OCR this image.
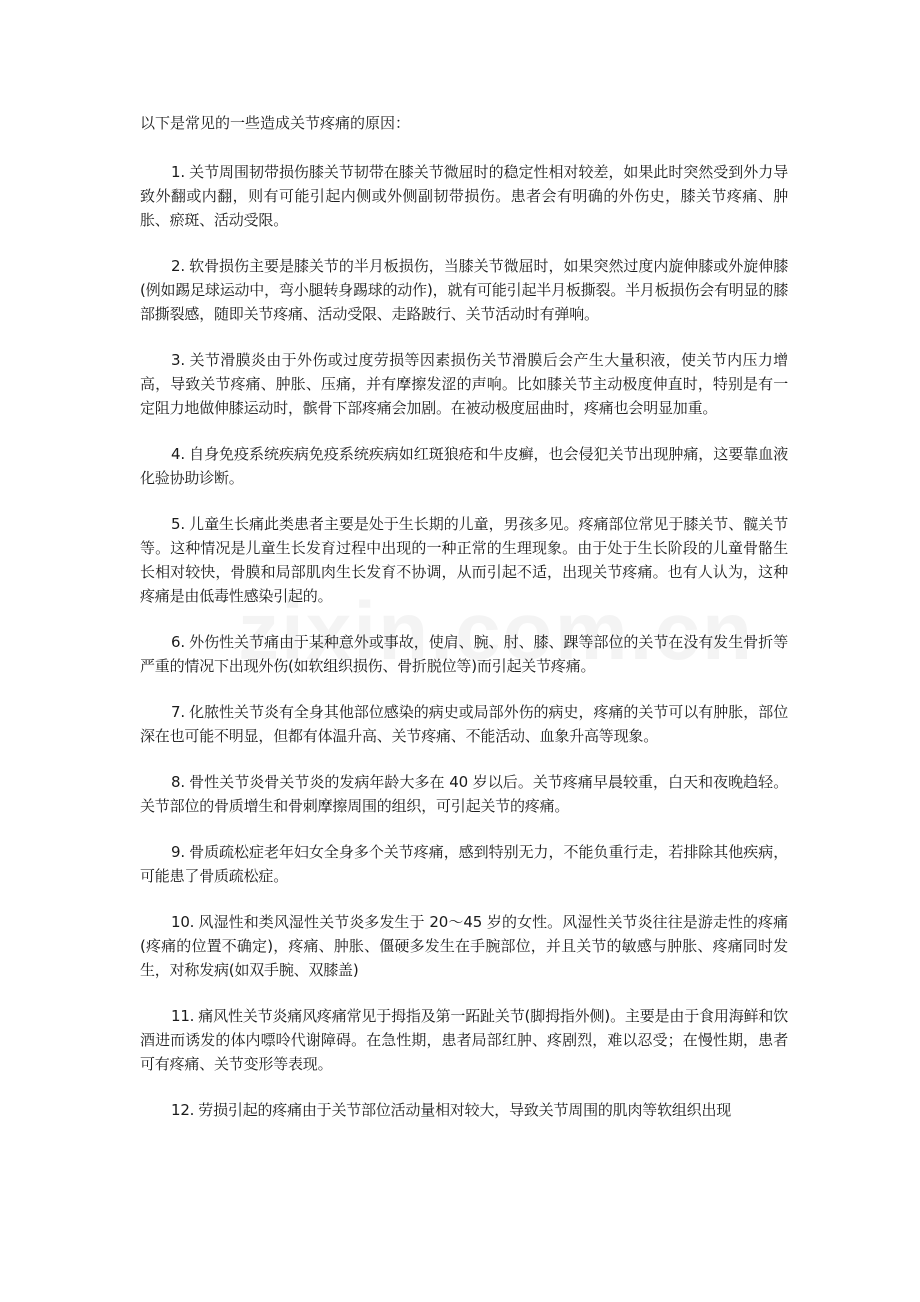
以下是常见的一些造成关节疼痛的原因：

1. 关节周围韧带损伤膝关节韧带在膝关节微屈时的稳定性相对较差，如果此时突然受到外力导致外翻或内翻，则有可能引起内侧或外侧副韧带损伤。患者会有明确的外伤史，膝关节疼痛、肿胀、瘀斑、活动受限。

2. 软骨损伤主要是膝关节的半月板损伤，当膝关节微屈时，如果突然过度内旋伸膝或外旋伸膝(例如踢足球运动中，弯小腿转身踢球的动作)，就有可能引起半月板撕裂。半月板损伤会有明显的膝部撕裂感，随即关节疼痛、活动受限、走路跛行、关节活动时有弹响。

3. 关节滑膜炎由于外伤或过度劳损等因素损伤关节滑膜后会产生大量积液，使关节内压力增高，导致关节疼痛、肿胀、压痛，并有摩擦发涩的声响。比如膝关节主动极度伸直时，特别是有一定阻力地做伸膝运动时，髌骨下部疼痛会加剧。在被动极度屈曲时，疼痛也会明显加重。

4. 自身免疫系统疾病免疫系统疾病如红斑狼疮和牛皮癣，也会侵犯关节出现肿痛，这要靠血液化验协助诊断。

5. 儿童生长痛此类患者主要是处于生长期的儿童，男孩多见。疼痛部位常见于膝关节、髋关节等。这种情况是儿童生长发育过程中出现的一种正常的生理现象。由于处于生长阶段的儿童骨骼生长相对较快，骨膜和局部肌肉生长发育不协调，从而引起不适，出现关节疼痛。也有人认为，这种疼痛是由低毒性感染引起的。

6. 外伤性关节痛由于某种意外或事故，使肩、腕、肘、膝、踝等部位的关节在没有发生骨折等严重的情况下出现外伤(如软组织损伤、骨折脱位等)而引起关节疼痛。

7. 化脓性关节炎有全身其他部位感染的病史或局部外伤的病史，疼痛的关节可以有肿胀，部位深在也可能不明显，但都有体温升高、关节疼痛、不能活动、血象升高等现象。

8. 骨性关节炎骨关节炎的发病年龄大多在 40 岁以后。关节疼痛早晨较重，白天和夜晚趋轻。关节部位的骨质增生和骨刺摩擦周围的组织，可引起关节的疼痛。

9. 骨质疏松症老年妇女全身多个关节疼痛，感到特别无力，不能负重行走，若排除其他疾病，可能患了骨质疏松症。

10. 风湿性和类风湿性关节炎多发生于 20～45 岁的女性。风湿性关节炎往往是游走性的疼痛(疼痛的位置不确定)，疼痛、肿胀、僵硬多发生在手腕部位，并且关节的敏感与肿胀、疼痛同时发生，对称发病(如双手腕、双膝盖)

11. 痛风性关节炎痛风疼痛常见于拇指及第一跖趾关节(脚拇指外侧)。主要是由于食用海鲜和饮酒进而诱发的体内嘌呤代谢障碍。在急性期，患者局部红肿、疼剧烈，难以忍受；在慢性期，患者可有疼痛、关节变形等表现。

12. 劳损引起的疼痛由于关节部位活动量相对较大，导致关节周围的肌肉等软组织出现
